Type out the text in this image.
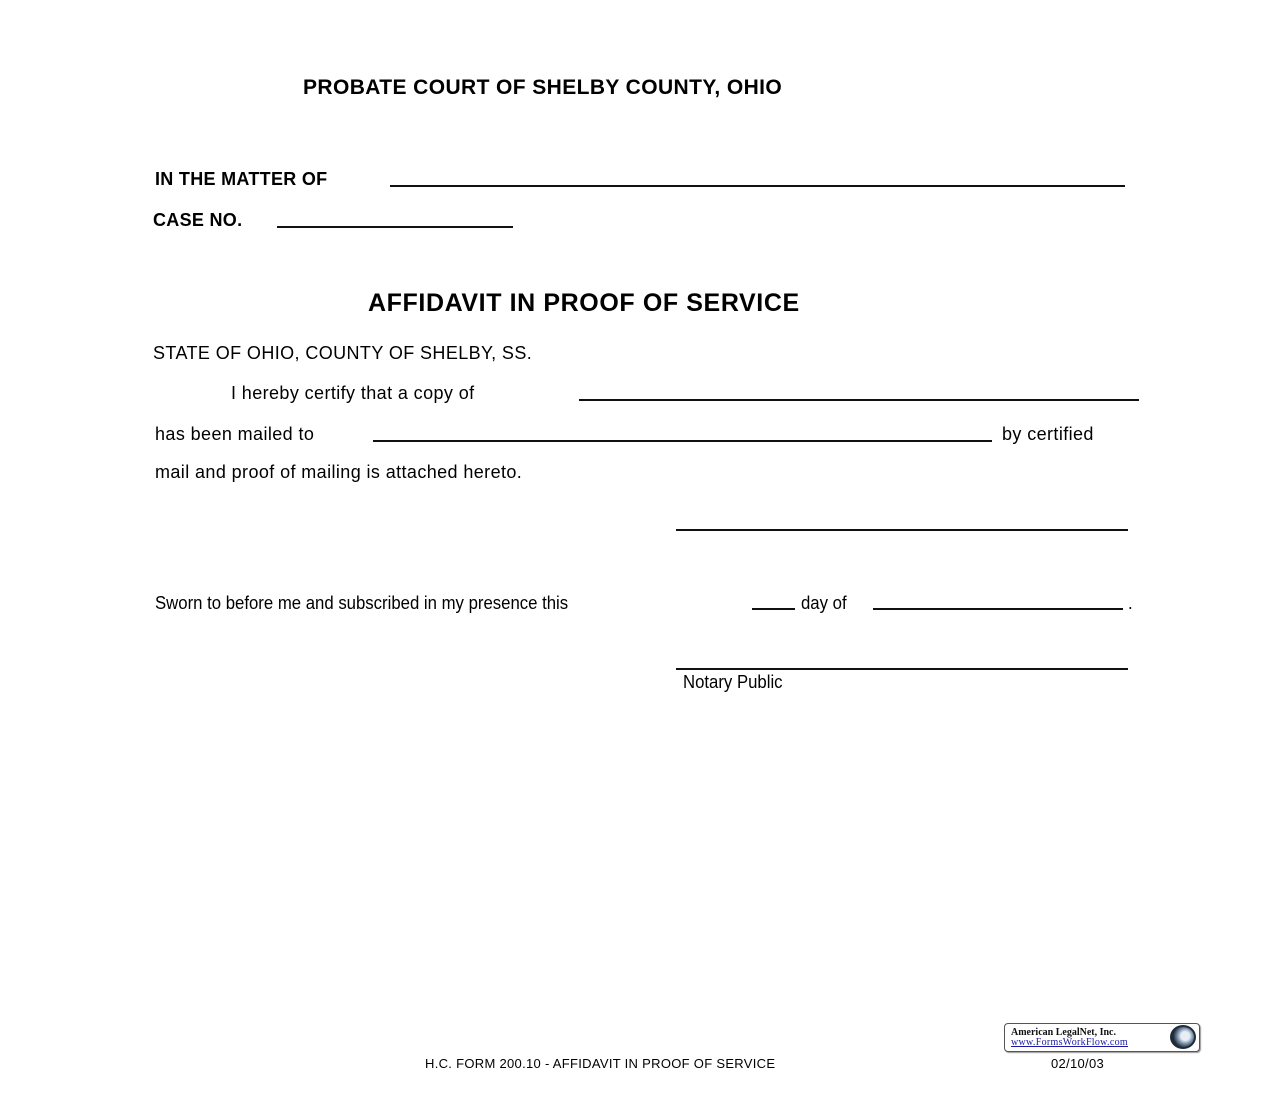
PROBATE COURT OF SHELBY COUNTY, OHIO
IN THE MATTER OF
CASE NO.
AFFIDAVIT IN PROOF OF SERVICE
STATE OF OHIO, COUNTY OF SHELBY, SS.
I hereby certify that a copy of
has been mailed to	by certified
mail and proof of mailing is attached hereto.
Sworn to before me and subscribed in my presence this	day of	.
Notary Public
American LegalNet, Inc.
www.FormsWorkFlow.com
H.C. FORM 200.10 - AFFIDAVIT IN PROOF OF SERVICE	02/10/03
